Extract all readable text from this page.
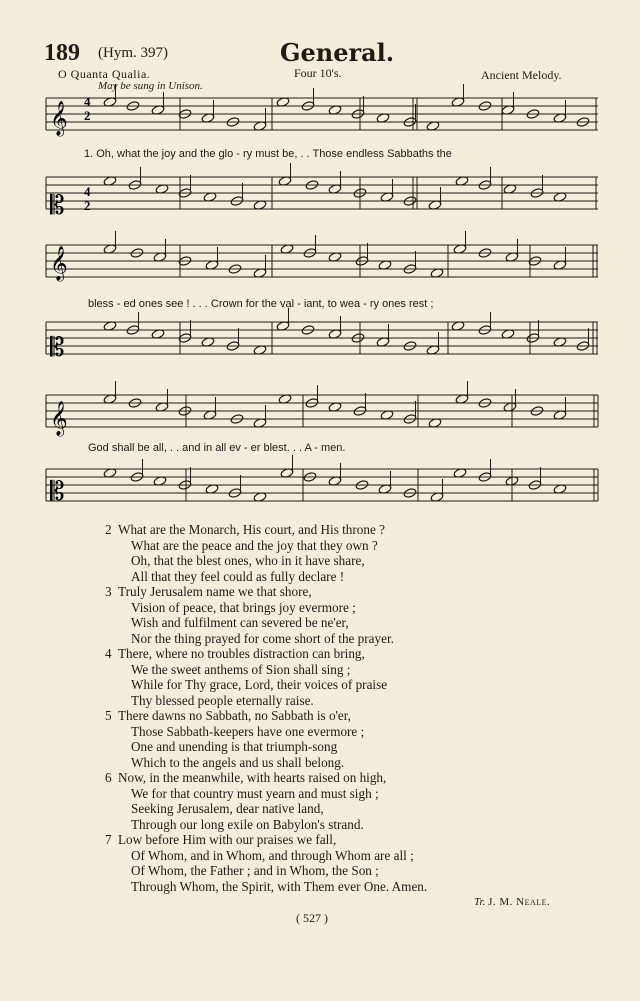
189 (Hym. 397)	General.
O Quanta Qualia.	Four 10's.	Ancient Melody.
May be sung in Unison.
𝄞
𝄡
𝄞
𝄡
𝄞
𝄡
4
2
4
2
1. Oh, what the joy and the glo - ry must be, . . Those endless Sabbaths the
bless - ed ones see ! . . . Crown for the val - iant, to wea - ry ones rest ;
God shall be all, . . and in all ev - er blest. . . A - men.
2 What are the Monarch, His court, and His throne ?
What are the peace and the joy that they own ?
Oh, that the blest ones, who in it have share,
All that they feel could as fully declare !
3 Truly Jerusalem name we that shore,
Vision of peace, that brings joy evermore ;
Wish and fulfilment can severed be ne'er,
Nor the thing prayed for come short of the prayer.
4 There, where no troubles distraction can bring,
We the sweet anthems of Sion shall sing ;
While for Thy grace, Lord, their voices of praise
Thy blessed people eternally raise.
5 There dawns no Sabbath, no Sabbath is o'er,
Those Sabbath-keepers have one evermore ;
One and unending is that triumph-song
Which to the angels and us shall belong.
6 Now, in the meanwhile, with hearts raised on high,
We for that country must yearn and must sigh ;
Seeking Jerusalem, dear native land,
Through our long exile on Babylon's strand.
7 Low before Him with our praises we fall,
Of Whom, and in Whom, and through Whom are all ;
Of Whom, the Father ; and in Whom, the Son ;
Through Whom, the Spirit, with Them ever One. Amen.
Tr. J. M. Neale.
( 527 )
